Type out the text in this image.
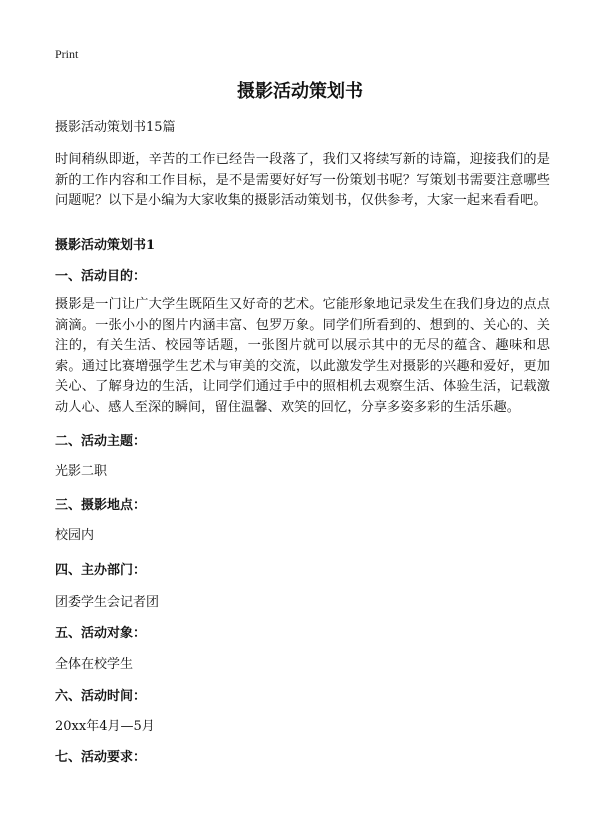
Print
摄影活动策划书

摄影活动策划书15篇

时间稍纵即逝，辛苦的工作已经告一段落了，我们又将续写新的诗篇，迎接我们的是新的工作内容和工作目标，是不是需要好好写一份策划书呢？写策划书需要注意哪些问题呢？以下是小编为大家收集的摄影活动策划书，仅供参考，大家一起来看看吧。

摄影活动策划书1

一、活动目的：

摄影是一门让广大学生既陌生又好奇的艺术。它能形象地记录发生在我们身边的点点滴滴。一张小小的图片内涵丰富、包罗万象。同学们所看到的、想到的、关心的、关注的，有关生活、校园等话题，一张图片就可以展示其中的无尽的蕴含、趣味和思索。通过比赛增强学生艺术与审美的交流，以此激发学生对摄影的兴趣和爱好，更加关心、了解身边的生活，让同学们通过手中的照相机去观察生活、体验生活，记载激动人心、感人至深的瞬间，留住温馨、欢笑的回忆，分享多姿多彩的生活乐趣。

二、活动主题：

光影二职

三、摄影地点：

校园内

四、主办部门：

团委学生会记者团

五、活动对象：

全体在校学生

六、活动时间：

20xx年4月—5月

七、活动要求：
